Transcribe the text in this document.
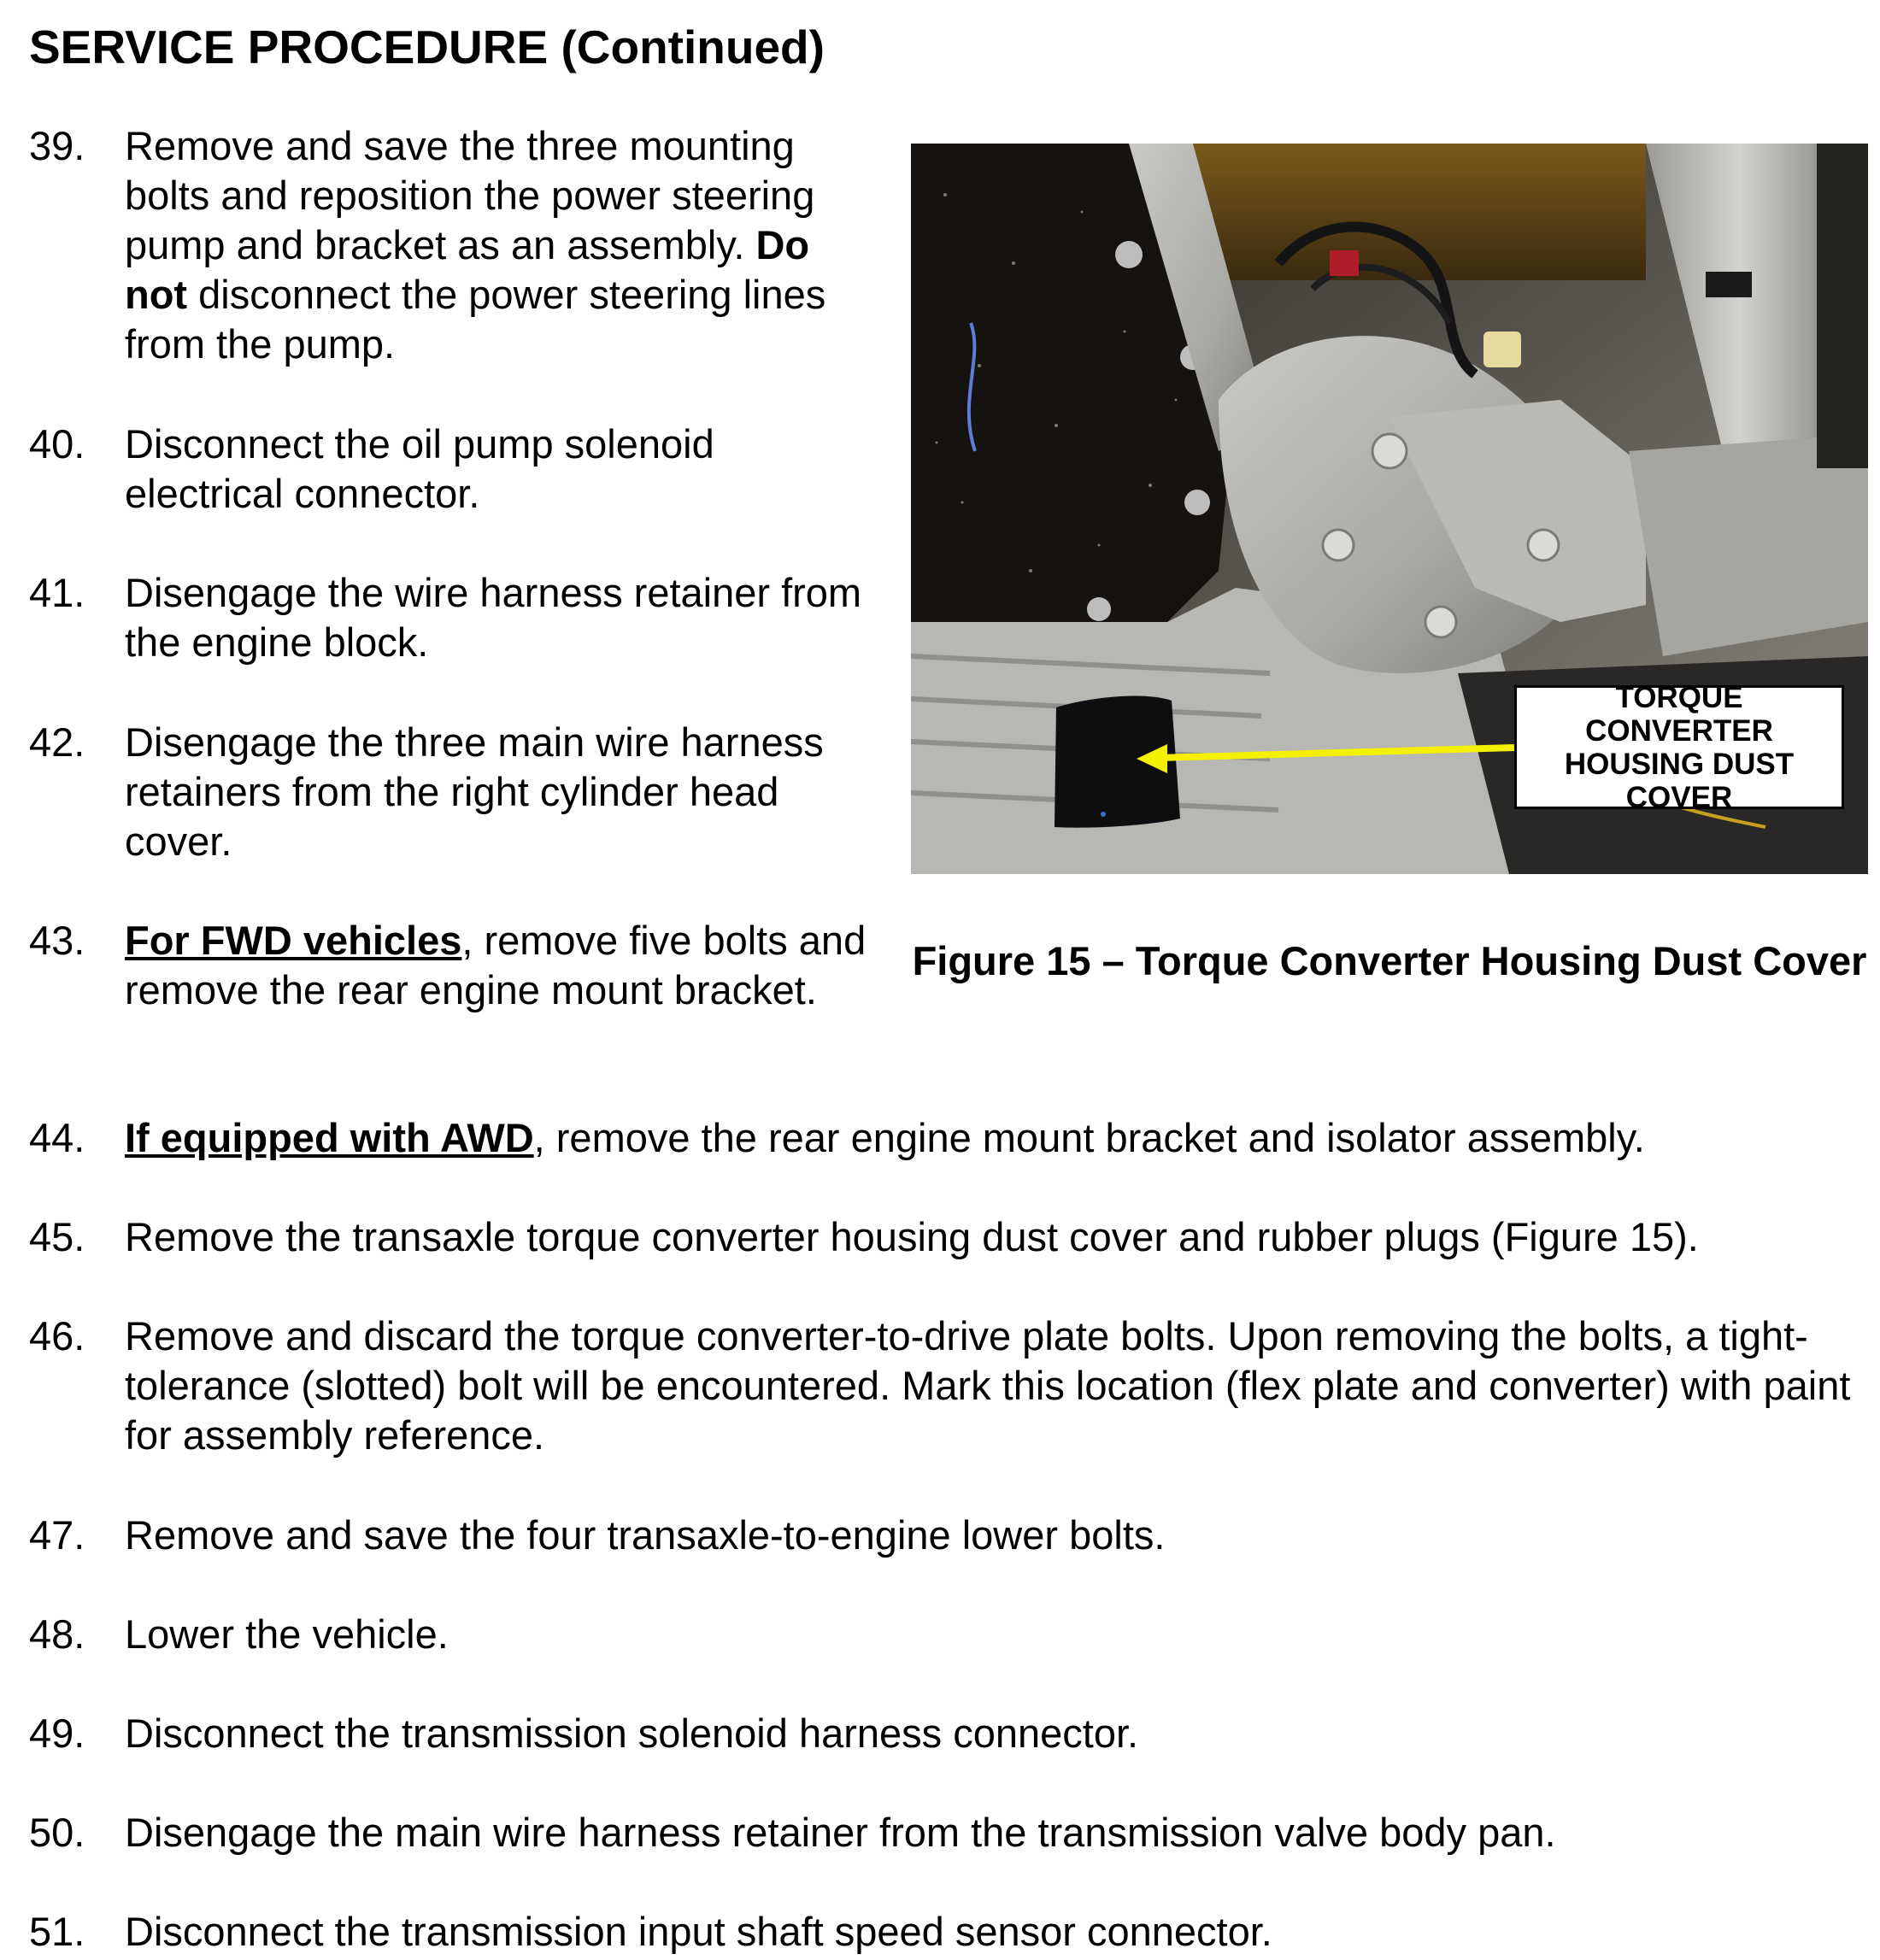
SERVICE PROCEDURE (Continued)
39. Remove and save the three mounting bolts and reposition the power steering pump and bracket as an assembly. Do not disconnect the power steering lines from the pump.
40. Disconnect the oil pump solenoid electrical connector.
41. Disengage the wire harness retainer from the engine block.
42. Disengage the three main wire harness retainers from the right cylinder head cover.
43. For FWD vehicles, remove five bolts and remove the rear engine mount bracket.
44. If equipped with AWD, remove the rear engine mount bracket and isolator assembly.
45. Remove the transaxle torque converter housing dust cover and rubber plugs (Figure 15).
46. Remove and discard the torque converter-to-drive plate bolts. Upon removing the bolts, a tight-tolerance (slotted) bolt will be encountered. Mark this location (flex plate and converter) with paint for assembly reference.
47. Remove and save the four transaxle-to-engine lower bolts.
48. Lower the vehicle.
49. Disconnect the transmission solenoid harness connector.
50. Disengage the main wire harness retainer from the transmission valve body pan.
51. Disconnect the transmission input shaft speed sensor connector.
TORQUE CONVERTER HOUSING DUST COVER
Figure 15 – Torque Converter Housing Dust Cover
